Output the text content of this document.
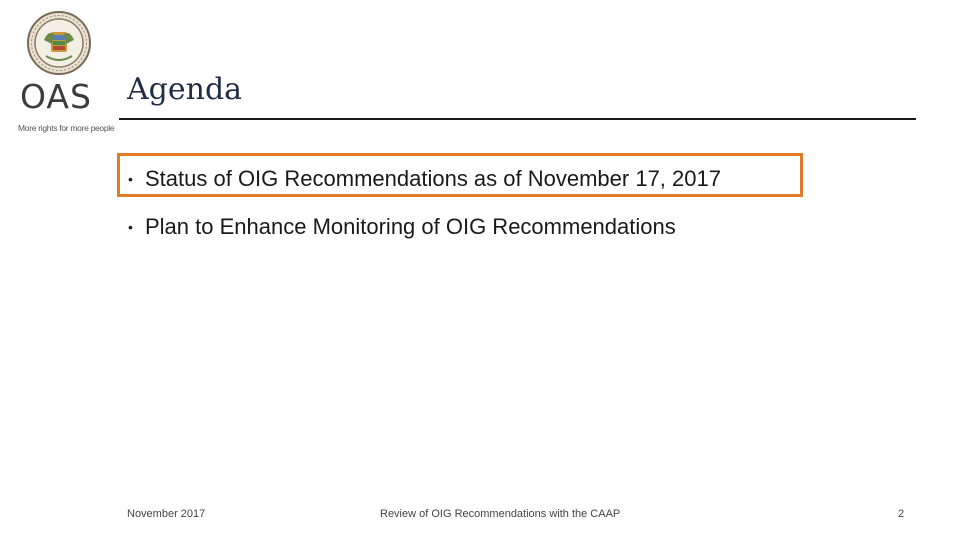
OAS
More rights for more people
Agenda
• Status of OIG Recommendations as of November 17, 2017
• Plan to Enhance Monitoring of OIG Recommendations
November 2017	Review of OIG Recommendations with the CAAP	2
